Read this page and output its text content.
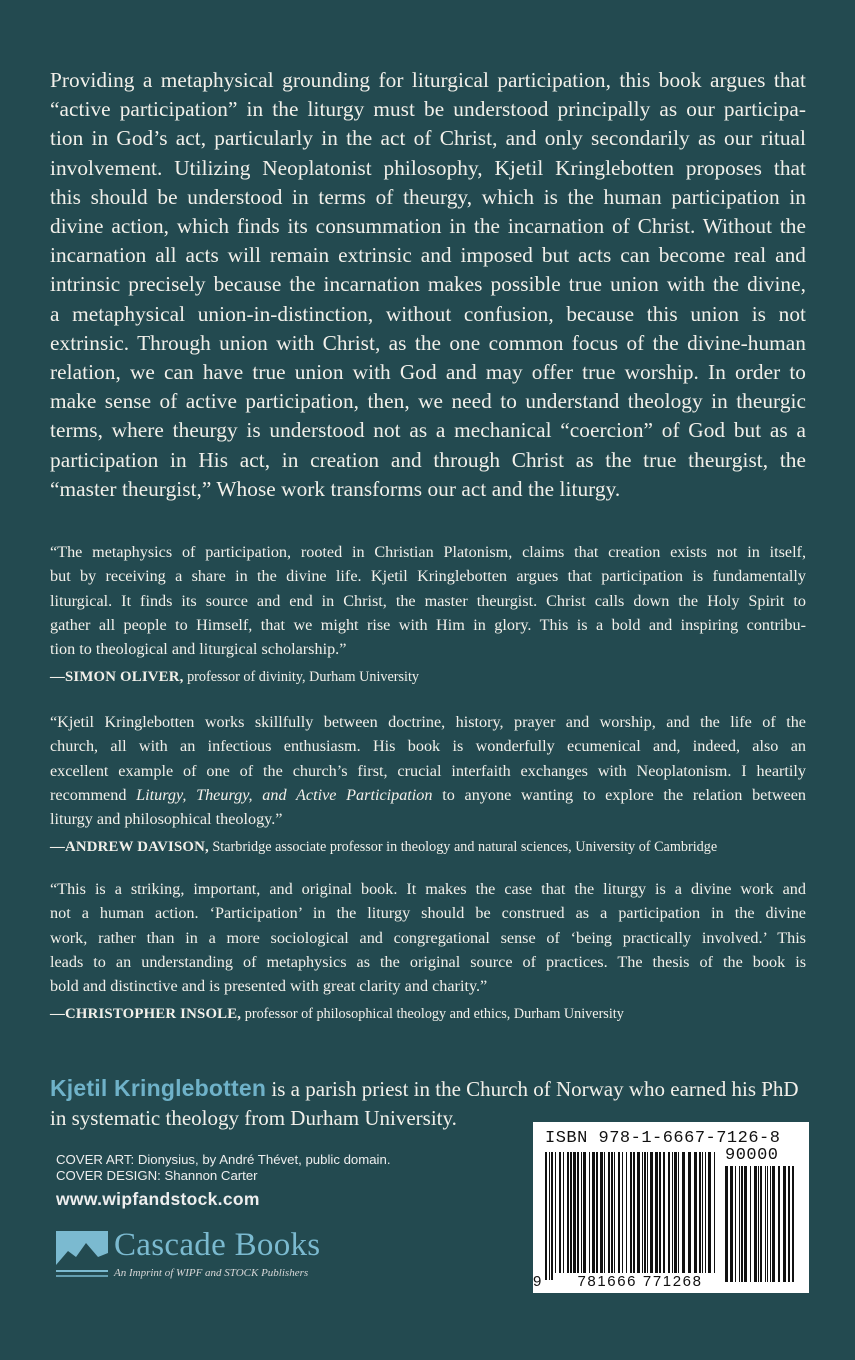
Providing a metaphysical grounding for liturgical participation, this book argues that
“active participation” in the liturgy must be understood principally as our participa-
tion in God’s act, particularly in the act of Christ, and only secondarily as our ritual
involvement. Utilizing Neoplatonist philosophy, Kjetil Kringlebotten proposes that
this should be understood in terms of theurgy, which is the human participation in
divine action, which finds its consummation in the incarnation of Christ. Without the
incarnation all acts will remain extrinsic and imposed but acts can become real and
intrinsic precisely because the incarnation makes possible true union with the divine,
a metaphysical union-in-distinction, without confusion, because this union is not
extrinsic. Through union with Christ, as the one common focus of the divine-human
relation, we can have true union with God and may offer true worship. In order to
make sense of active participation, then, we need to understand theology in theurgic
terms, where theurgy is understood not as a mechanical “coercion” of God but as a
participation in His act, in creation and through Christ as the true theurgist, the
“master theurgist,” Whose work transforms our act and the liturgy.
“The metaphysics of participation, rooted in Christian Platonism, claims that creation exists not in itself,
but by receiving a share in the divine life. Kjetil Kringlebotten argues that participation is fundamentally
liturgical. It finds its source and end in Christ, the master theurgist. Christ calls down the Holy Spirit to
gather all people to Himself, that we might rise with Him in glory. This is a bold and inspiring contribu-
tion to theological and liturgical scholarship.”
—SIMON OLIVER, professor of divinity, Durham University
“Kjetil Kringlebotten works skillfully between doctrine, history, prayer and worship, and the life of the
church, all with an infectious enthusiasm. His book is wonderfully ecumenical and, indeed, also an
excellent example of one of the church’s first, crucial interfaith exchanges with Neoplatonism. I heartily
recommend Liturgy, Theurgy, and Active Participation to anyone wanting to explore the relation between
liturgy and philosophical theology.”
—ANDREW DAVISON, Starbridge associate professor in theology and natural sciences, University of Cambridge
“This is a striking, important, and original book. It makes the case that the liturgy is a divine work and
not a human action. ‘Participation’ in the liturgy should be construed as a participation in the divine
work, rather than in a more sociological and congregational sense of ‘being practically involved.’ This
leads to an understanding of metaphysics as the original source of practices. The thesis of the book is
bold and distinctive and is presented with great clarity and charity.”
—CHRISTOPHER INSOLE, professor of philosophical theology and ethics, Durham University
Kjetil Kringlebotten is a parish priest in the Church of Norway who earned his PhD
in systematic theology from Durham University.
COVER ART: Dionysius, by André Thévet, public domain.
COVER DESIGN: Shannon Carter
www.wipfandstock.com
Cascade Books
An Imprint of WIPF and STOCK Publishers
ISBN 978-1-6667-7126-8
90000
9	781666 771268
